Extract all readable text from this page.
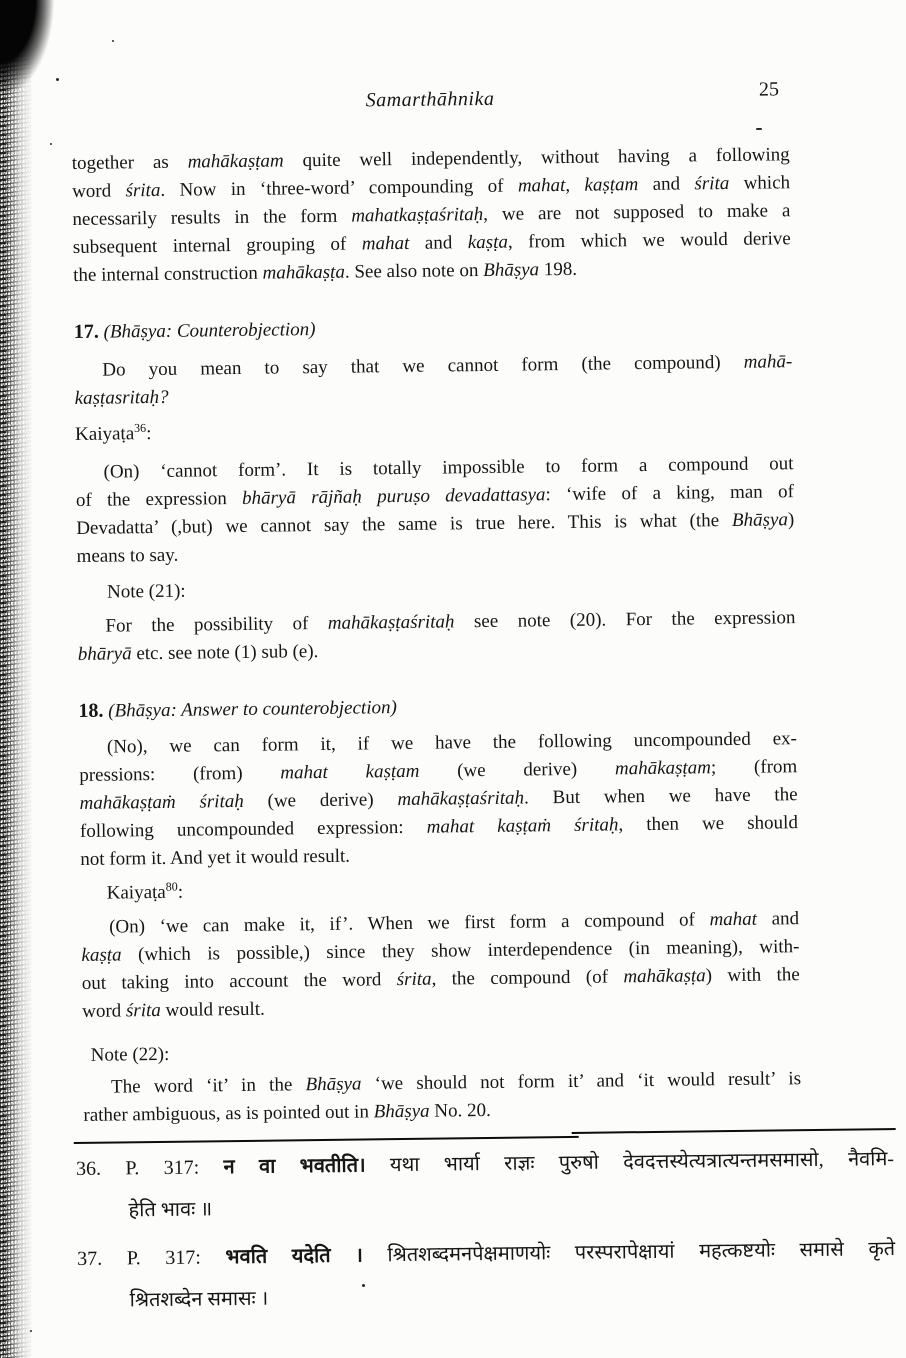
Samarthāhnika	25
together as mahākaṣṭam quite well independently, without having a following
word śrita. Now in ‘three-word’ compounding of mahat, kaṣṭam and śrita which
necessarily results in the form mahatkaṣṭaśritaḥ, we are not supposed to make a
subsequent internal grouping of mahat and kaṣṭa, from which we would derive
the internal construction mahākaṣṭa. See also note on Bhāṣya 198.
17. (Bhāṣya: Counterobjection)
Do you mean to say that we cannot form (the compound) mahā-
kaṣṭasritaḥ?
Kaiyaṭa$^{36}$:
(On) ‘cannot form’. It is totally impossible to form a compound out
of the expression bhāryā rājñaḥ puruṣo devadattasya: ‘wife of a king, man of
Devadatta’ (,but) we cannot say the same is true here. This is what (the Bhāṣya)
means to say.
Note (21):
For the possibility of mahākaṣṭaśritaḥ see note (20). For the expression
bhāryā etc. see note (1) sub (e).
18. (Bhāṣya: Answer to counterobjection)
(No), we can form it, if we have the following uncompounded ex-
pressions: (from) mahat kaṣṭam (we derive) mahākaṣṭam; (from
mahākaṣṭaṁ śritaḥ (we derive) mahākaṣṭaśritaḥ. But when we have the
following uncompounded expression: mahat kaṣṭaṁ śritaḥ, then we should
not form it. And yet it would result.
Kaiyaṭa$^{80}$:
(On) ‘we can make it, if’. When we first form a compound of mahat and
kaṣṭa (which is possible,) since they show interdependence (in meaning), with-
out taking into account the word śrita, the compound (of mahākaṣṭa) with the
word śrita would result.
Note (22):
The word ‘it’ in the Bhāṣya ‘we should not form it’ and ‘it would result’ is
rather ambiguous, as is pointed out in Bhāṣya No. 20.
36. P. 317: न वा भवतीति। यथा भार्या राज्ञः पुरुषो देवदत्तस्येत्यत्रात्यन्तमसमासो, नैवमि-
हेति भावः ॥
37. P. 317: भवति यदेति । श्रितशब्दमनपेक्षमाणयोः परस्परापेक्षायां महत्कष्टयोः समासे कृते
श्रितशब्देन समासः ।
